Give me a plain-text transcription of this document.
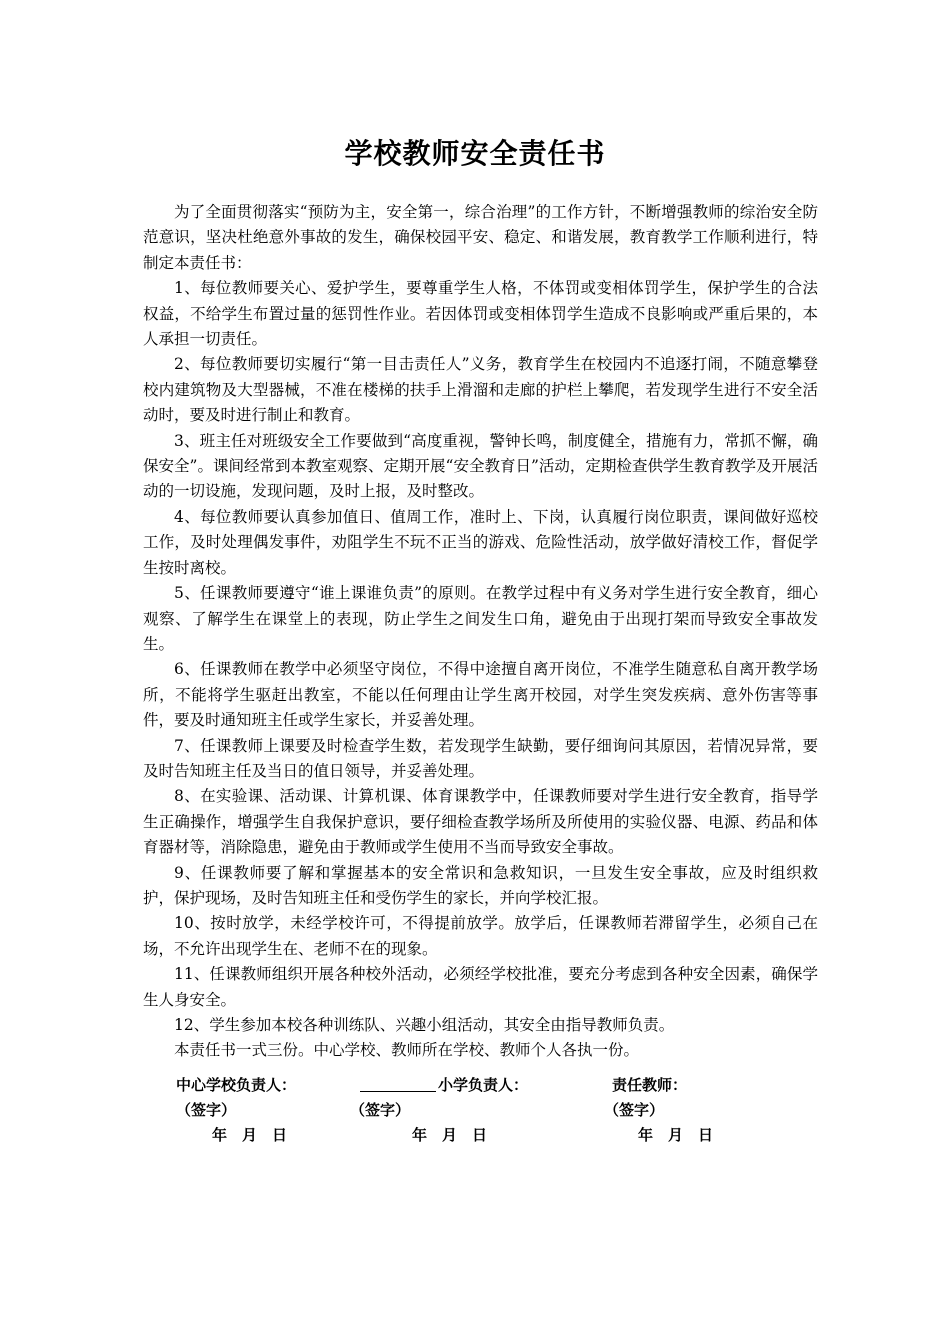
学校教师安全责任书

为了全面贯彻落实“预防为主，安全第一，综合治理”的工作方针，不断增强教师的综治安全防范意识，坚决杜绝意外事故的发生，确保校园平安、稳定、和谐发展，教育教学工作顺利进行，特制定本责任书：

1、每位教师要关心、爱护学生，要尊重学生人格，不体罚或变相体罚学生，保护学生的合法权益，不给学生布置过量的惩罚性作业。若因体罚或变相体罚学生造成不良影响或严重后果的，本人承担一切责任。

2、每位教师要切实履行“第一目击责任人”义务，教育学生在校园内不追逐打闹，不随意攀登校内建筑物及大型器械，不准在楼梯的扶手上滑溜和走廊的护栏上攀爬，若发现学生进行不安全活动时，要及时进行制止和教育。

3、班主任对班级安全工作要做到“高度重视，警钟长鸣，制度健全，措施有力，常抓不懈，确保安全”。课间经常到本教室观察、定期开展“安全教育日”活动，定期检查供学生教育教学及开展活动的一切设施，发现问题，及时上报，及时整改。

4、每位教师要认真参加值日、值周工作，准时上、下岗，认真履行岗位职责，课间做好巡校工作，及时处理偶发事件，劝阻学生不玩不正当的游戏、危险性活动，放学做好清校工作，督促学生按时离校。

5、任课教师要遵守“谁上课谁负责”的原则。在教学过程中有义务对学生进行安全教育，细心观察、了解学生在课堂上的表现，防止学生之间发生口角，避免由于出现打架而导致安全事故发生。

6、任课教师在教学中必须坚守岗位，不得中途擅自离开岗位，不准学生随意私自离开教学场所，不能将学生驱赶出教室，不能以任何理由让学生离开校园，对学生突发疾病、意外伤害等事件，要及时通知班主任或学生家长，并妥善处理。

7、任课教师上课要及时检查学生数，若发现学生缺勤，要仔细询问其原因，若情况异常，要及时告知班主任及当日的值日领导，并妥善处理。

8、在实验课、活动课、计算机课、体育课教学中，任课教师要对学生进行安全教育，指导学生正确操作，增强学生自我保护意识，要仔细检查教学场所及所使用的实验仪器、电源、药品和体育器材等，消除隐患，避免由于教师或学生使用不当而导致安全事故。

9、任课教师要了解和掌握基本的安全常识和急救知识，一旦发生安全事故，应及时组织救护，保护现场，及时告知班主任和受伤学生的家长，并向学校汇报。

10、按时放学，未经学校许可，不得提前放学。放学后，任课教师若滞留学生，必须自己在场，不允许出现学生在、老师不在的现象。

11、任课教师组织开展各种校外活动，必须经学校批准，要充分考虑到各种安全因素，确保学生人身安全。

12、学生参加本校各种训练队、兴趣小组活动，其安全由指导教师负责。

本责任书一式三份。中心学校、教师所在学校、教师个人各执一份。

中心学校负责人：
（签字）
年　月　日
小学负责人：
（签字）
年　月　日
责任教师：
（签字）
年　月　日
